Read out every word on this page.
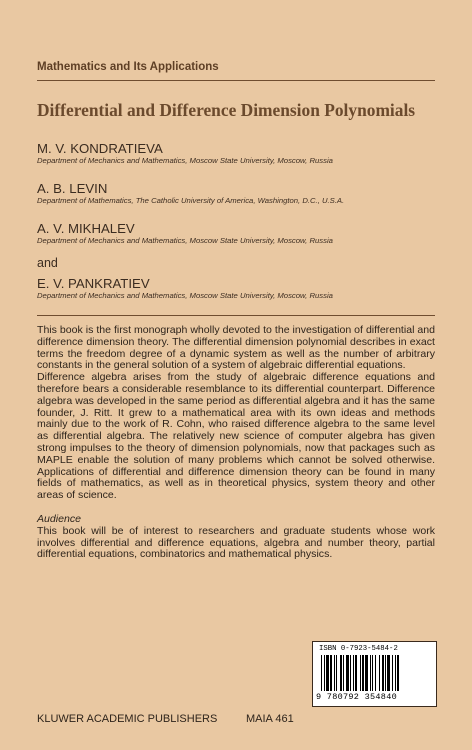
Mathematics and Its Applications
Differential and Difference Dimension Polynomials
M. V. KONDRATIEVA
Department of Mechanics and Mathematics, Moscow State University, Moscow, Russia
A. B. LEVIN
Department of Mathematics, The Catholic University of America, Washington, D.C., U.S.A.
A. V. MIKHALEV
Department of Mechanics and Mathematics, Moscow State University, Moscow, Russia
and
E. V. PANKRATIEV
Department of Mechanics and Mathematics, Moscow State University, Moscow, Russia

This book is the first monograph wholly devoted to the investigation of differential and difference dimension theory. The differential dimension polynomial describes in exact terms the freedom degree of a dynamic system as well as the number of arbitrary constants in the general solution of a system of algebraic differential equations.

Difference algebra arises from the study of algebraic difference equations and therefore bears a considerable resemblance to its differential counterpart. Difference algebra was developed in the same period as differential algebra and it has the same founder, J. Ritt. It grew to a mathematical area with its own ideas and methods mainly due to the work of R. Cohn, who raised difference algebra to the same level as differential algebra. The relatively new science of computer algebra has given strong impulses to the theory of dimension polynomials, now that packages such as MAPLE enable the solution of many problems which cannot be solved otherwise. Applications of differential and difference dimension theory can be found in many fields of mathematics, as well as in theoretical physics, system theory and other areas of science.

Audience

This book will be of interest to researchers and graduate students whose work involves differential and difference equations, algebra and number theory, partial differential equations, combinatorics and mathematical physics.

ISBN 0-7923-5484-2
9 780792 354840
KLUWER ACADEMIC PUBLISHERS	MAIA 461
